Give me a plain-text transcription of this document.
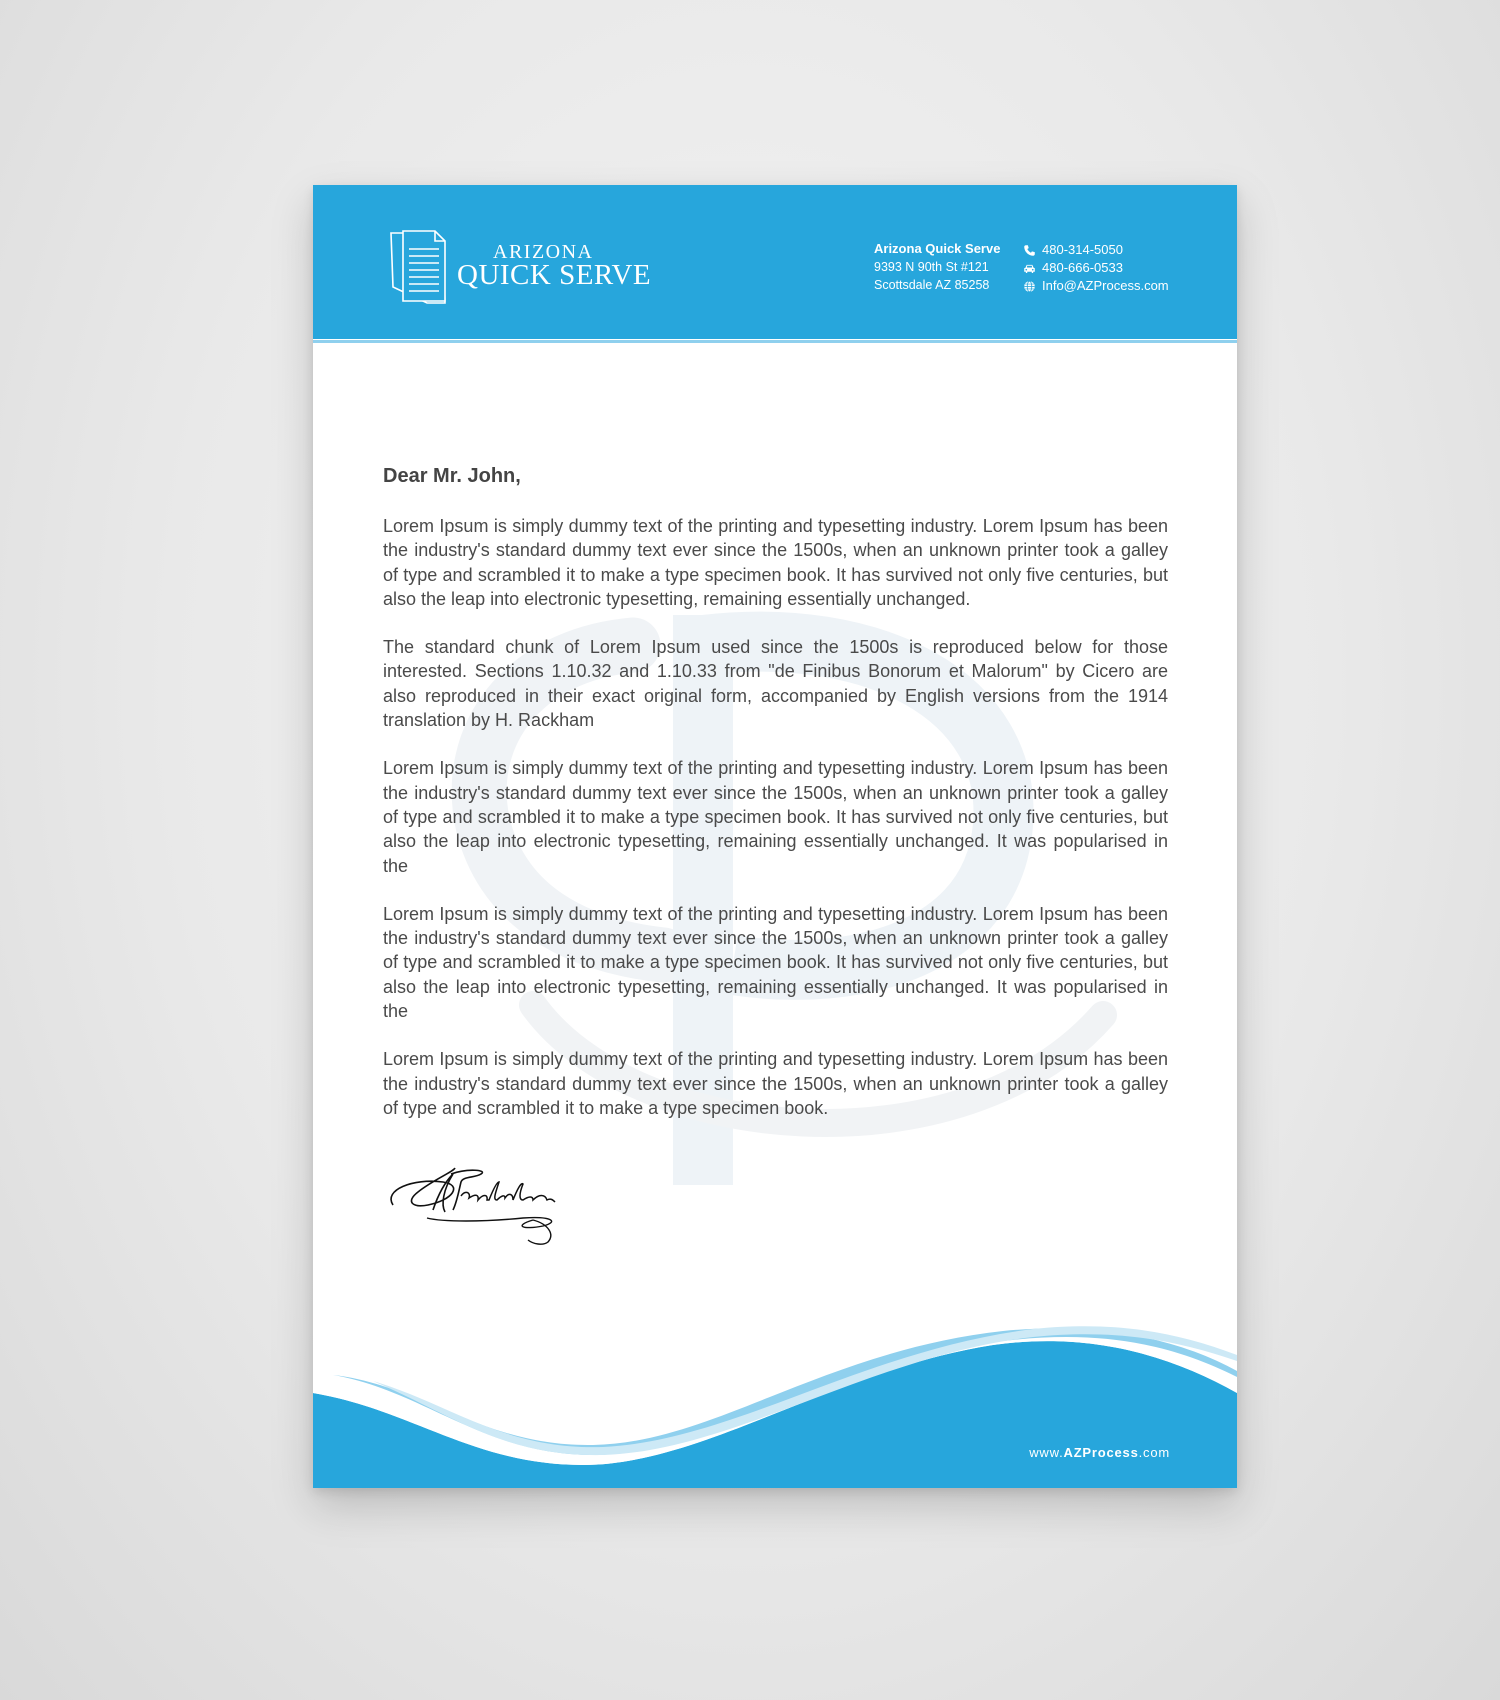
ARIZONA
QUICK SERVE
Arizona Quick Serve
9393 N 90th St #121
Scottsdale AZ 85258
480-314-5050
480-666-0533
Info@AZProcess.com
Dear Mr. John,

Lorem Ipsum is simply dummy text of the printing and typesetting industry. Lorem Ipsum has been the industry's standard dummy text ever since the 1500s, when an unknown printer took a galley of type and scrambled it to make a type specimen book. It has survived not only five centuries, but also the leap into electronic typesetting, remaining essentially unchanged.

The standard chunk of Lorem Ipsum used since the 1500s is reproduced below for those interested. Sections 1.10.32 and 1.10.33 from "de Finibus Bonorum et Malorum" by Cicero are also reproduced in their exact original form, accompanied by English versions from the 1914 translation by H. Rackham

Lorem Ipsum is simply dummy text of the printing and typesetting industry. Lorem Ipsum has been the industry's standard dummy text ever since the 1500s, when an unknown printer took a galley of type and scrambled it to make a type specimen book. It has survived not only five centuries, but also the leap into electronic typesetting, remaining essentially unchanged. It was popularised in the

Lorem Ipsum is simply dummy text of the printing and typesetting industry. Lorem Ipsum has been the industry's standard dummy text ever since the 1500s, when an unknown printer took a galley of type and scrambled it to make a type specimen book. It has survived not only five centuries, but also the leap into electronic typesetting, remaining essentially unchanged. It was popularised in the

Lorem Ipsum is simply dummy text of the printing and typesetting industry. Lorem Ipsum has been the industry's standard dummy text ever since the 1500s, when an unknown printer took a galley of type and scrambled it to make a type specimen book.

www.AZProcess.com
